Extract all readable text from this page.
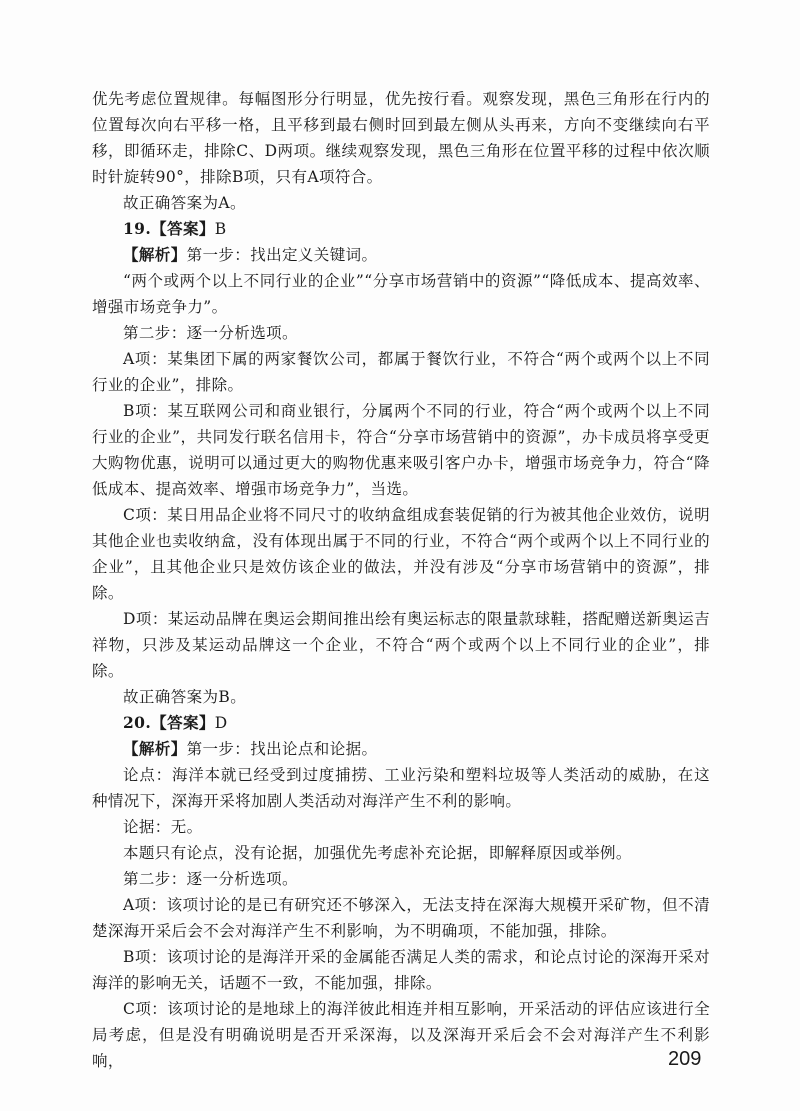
优先考虑位置规律。每幅图形分行明显，优先按行看。观察发现，黑色三角形在行内的位置每次向右平移一格，且平移到最右侧时回到最左侧从头再来，方向不变继续向右平移，即循环走，排除C、D两项。继续观察发现，黑色三角形在位置平移的过程中依次顺时针旋转90°，排除B项，只有A项符合。

故正确答案为A。

19.【答案】B

【解析】第一步：找出定义关键词。

“两个或两个以上不同行业的企业”“分享市场营销中的资源”“降低成本、提高效率、增强市场竞争力”。

第二步：逐一分析选项。

A项：某集团下属的两家餐饮公司，都属于餐饮行业，不符合“两个或两个以上不同行业的企业”，排除。

B项：某互联网公司和商业银行，分属两个不同的行业，符合“两个或两个以上不同行业的企业”，共同发行联名信用卡，符合“分享市场营销中的资源”，办卡成员将享受更大购物优惠，说明可以通过更大的购物优惠来吸引客户办卡，增强市场竞争力，符合“降低成本、提高效率、增强市场竞争力”，当选。

C项：某日用品企业将不同尺寸的收纳盒组成套装促销的行为被其他企业效仿，说明其他企业也卖收纳盒，没有体现出属于不同的行业，不符合“两个或两个以上不同行业的企业”，且其他企业只是效仿该企业的做法，并没有涉及“分享市场营销中的资源”，排除。

D项：某运动品牌在奥运会期间推出绘有奥运标志的限量款球鞋，搭配赠送新奥运吉祥物，只涉及某运动品牌这一个企业，不符合“两个或两个以上不同行业的企业”，排除。

故正确答案为B。

20.【答案】D

【解析】第一步：找出论点和论据。

论点：海洋本就已经受到过度捕捞、工业污染和塑料垃圾等人类活动的威胁，在这种情况下，深海开采将加剧人类活动对海洋产生不利的影响。

论据：无。

本题只有论点，没有论据，加强优先考虑补充论据，即解释原因或举例。

第二步：逐一分析选项。

A项：该项讨论的是已有研究还不够深入，无法支持在深海大规模开采矿物，但不清楚深海开采后会不会对海洋产生不利影响，为不明确项，不能加强，排除。

B项：该项讨论的是海洋开采的金属能否满足人类的需求，和论点讨论的深海开采对海洋的影响无关，话题不一致，不能加强，排除。

C项：该项讨论的是地球上的海洋彼此相连并相互影响，开采活动的评估应该进行全局考虑，但是没有明确说明是否开采深海，以及深海开采后会不会对海洋产生不利影响，	209
